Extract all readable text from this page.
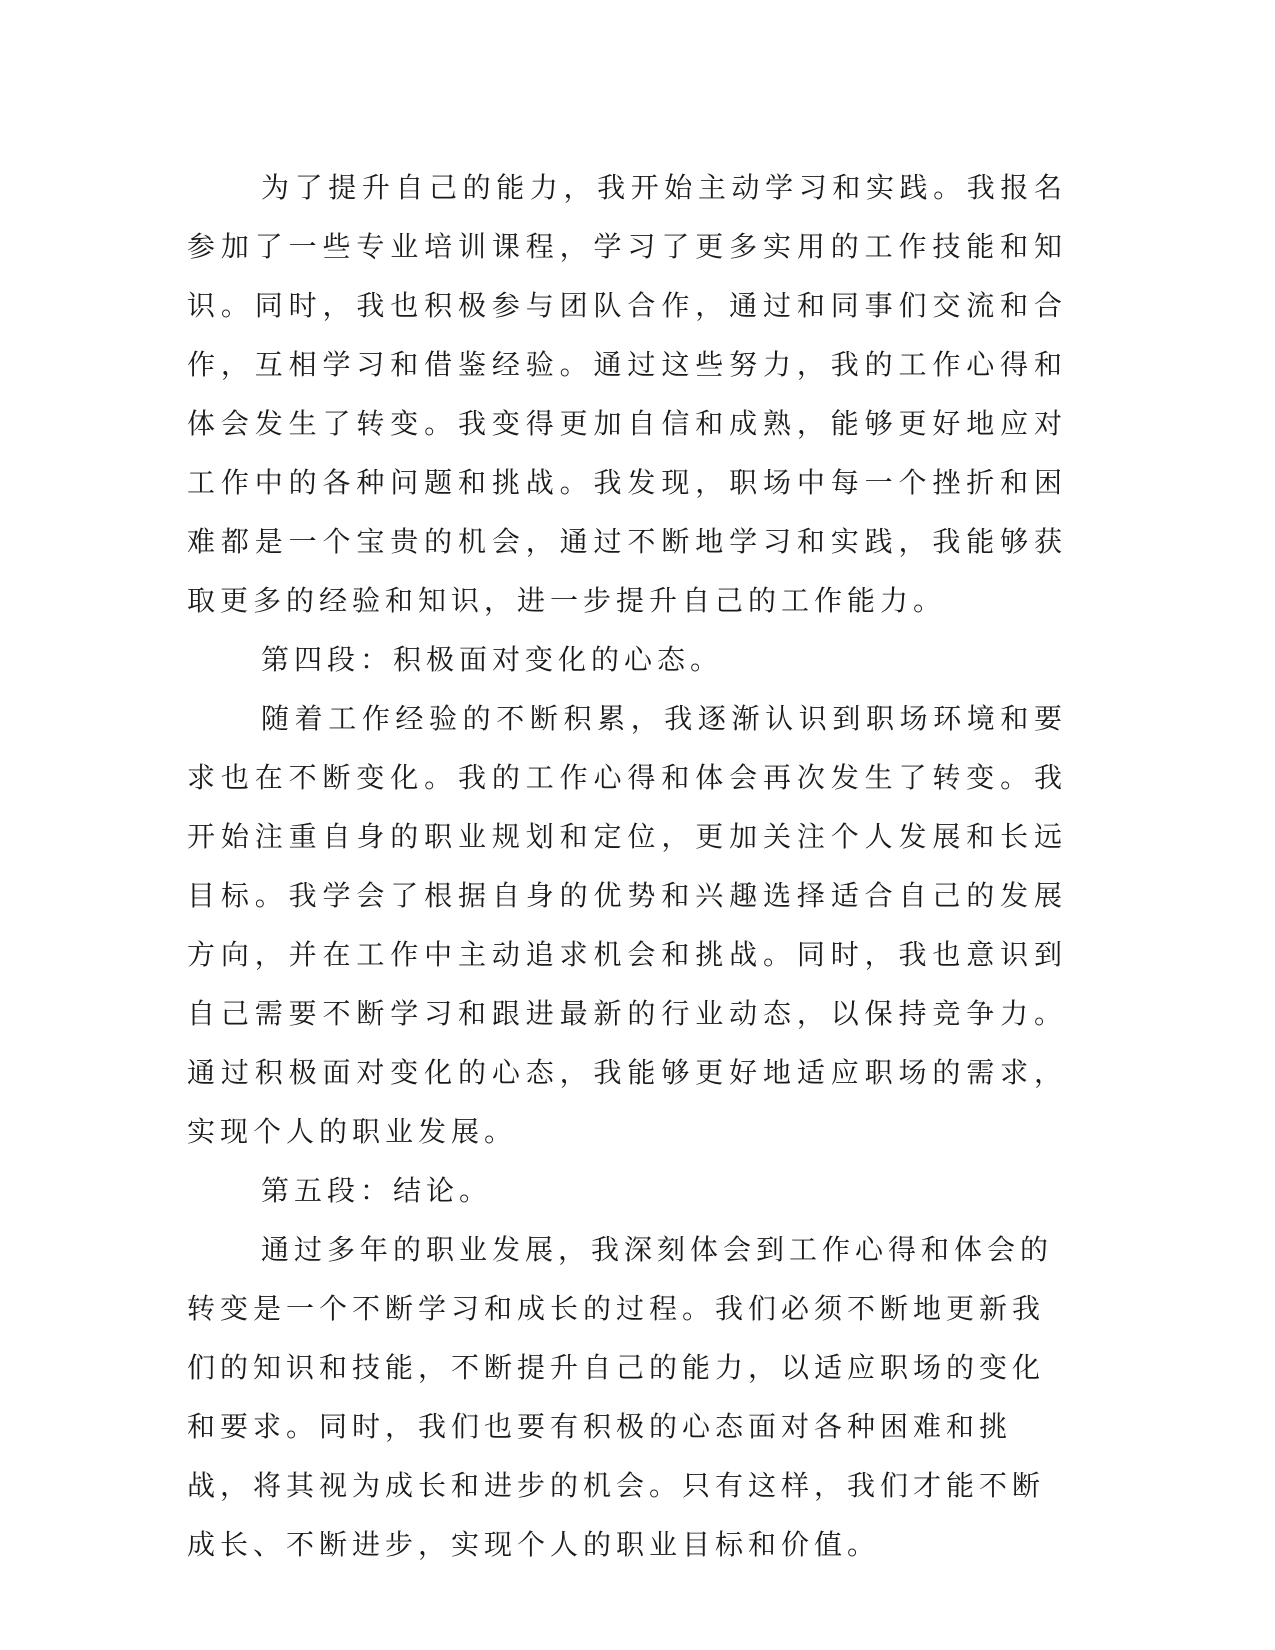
为了提升自己的能力，我开始主动学习和实践。我报名参加了一些专业培训课程，学习了更多实用的工作技能和知识。同时，我也积极参与团队合作，通过和同事们交流和合作，互相学习和借鉴经验。通过这些努力，我的工作心得和体会发生了转变。我变得更加自信和成熟，能够更好地应对工作中的各种问题和挑战。我发现，职场中每一个挫折和困难都是一个宝贵的机会，通过不断地学习和实践，我能够获取更多的经验和知识，进一步提升自己的工作能力。

第四段：积极面对变化的心态。

随着工作经验的不断积累，我逐渐认识到职场环境和要求也在不断变化。我的工作心得和体会再次发生了转变。我开始注重自身的职业规划和定位，更加关注个人发展和长远目标。我学会了根据自身的优势和兴趣选择适合自己的发展方向，并在工作中主动追求机会和挑战。同时，我也意识到自己需要不断学习和跟进最新的行业动态，以保持竞争力。通过积极面对变化的心态，我能够更好地适应职场的需求，实现个人的职业发展。

第五段：结论。

通过多年的职业发展，我深刻体会到工作心得和体会的转变是一个不断学习和成长的过程。我们必须不断地更新我们的知识和技能，不断提升自己的能力，以适应职场的变化和要求。同时，我们也要有积极的心态面对各种困难和挑战，将其视为成长和进步的机会。只有这样，我们才能不断成长、不断进步，实现个人的职业目标和价值。
